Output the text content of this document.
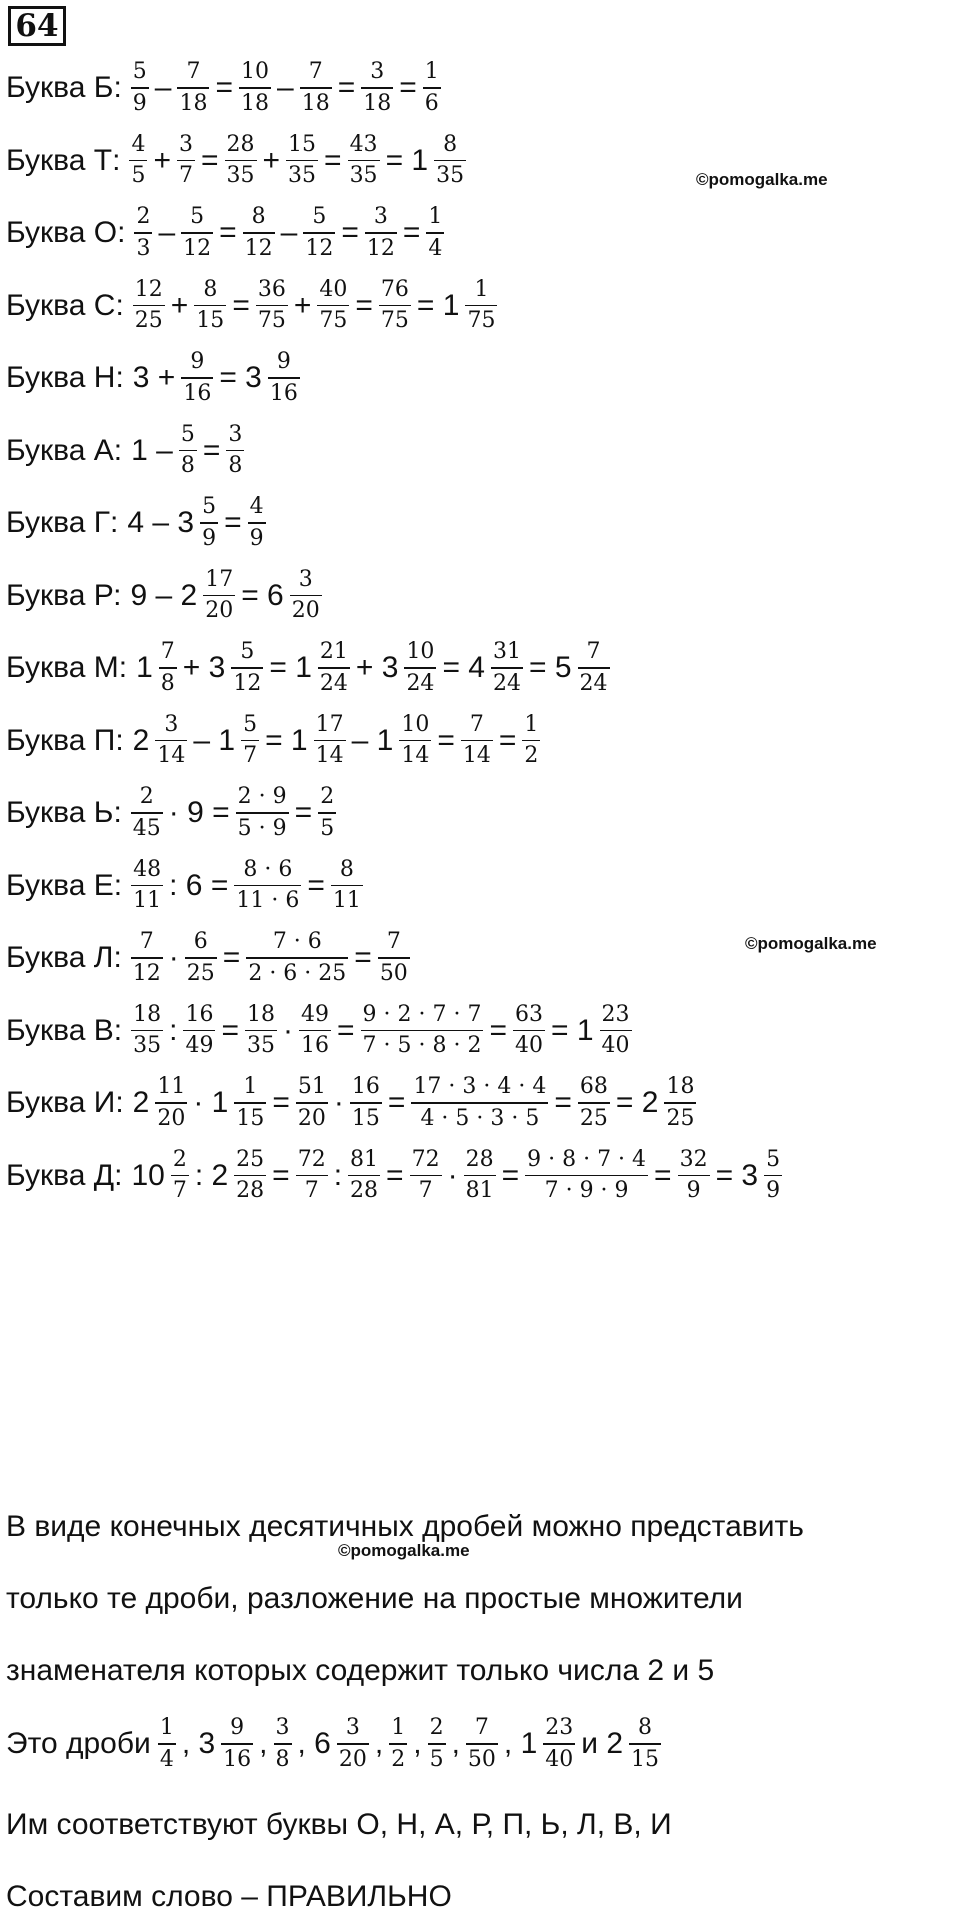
64
Буква Б: $\frac{5}{9} - \frac{7}{18} = \frac{10}{18} - \frac{7}{18} = \frac{3}{18} = \frac{1}{6}$
Буква Т: $\frac{4}{5} + \frac{3}{7} = \frac{28}{35} + \frac{15}{35} = \frac{43}{35} = 1 \frac{8}{35}$
Буква О: $\frac{2}{3} - \frac{5}{12} = \frac{8}{12} - \frac{5}{12} = \frac{3}{12} = \frac{1}{4}$
Буква С: $\frac{12}{25} + \frac{8}{15} = \frac{36}{75} + \frac{40}{75} = \frac{76}{75} = 1 \frac{1}{75}$
Буква Н: $3 + \frac{9}{16} = 3 \frac{9}{16}$
Буква А: $1 - \frac{5}{8} = \frac{3}{8}$
Буква Г: $4 - 3 \frac{5}{9} = \frac{4}{9}$
Буква Р: $9 - 2 \frac{17}{20} = 6 \frac{3}{20}$
Буква М: $1 \frac{7}{8} + 3 \frac{5}{12} = 1 \frac{21}{24} + 3 \frac{10}{24} = 4 \frac{31}{24} = 5 \frac{7}{24}$
Буква П: $2 \frac{3}{14} - 1 \frac{5}{7} = 1 \frac{17}{14} - 1 \frac{10}{14} = \frac{7}{14} = \frac{1}{2}$
Буква Ь: $\frac{2}{45} \cdot 9 = \frac{2 \cdot 9}{5 \cdot 9} = \frac{2}{5}$
Буква Е: $\frac{48}{11}$ : $6 = \frac{8 \cdot 6}{11 \cdot 6} = \frac{8}{11}$
Буква Л: $\frac{7}{12} \cdot \frac{6}{25} = \frac{7 \cdot 6}{2 \cdot 6 \cdot 25} = \frac{7}{50}$
Буква В: $\frac{18}{35}$ : $\frac{16}{49} = \frac{18}{35} \cdot \frac{49}{16} = \frac{9 \cdot 2 \cdot 7 \cdot 7}{7 \cdot 5 \cdot 8 \cdot 2} = \frac{63}{40} = 1 \frac{23}{40}$
Буква И: $2 \frac{11}{20} \cdot 1 \frac{1}{15} = \frac{51}{20} \cdot \frac{16}{15} = \frac{17 \cdot 3 \cdot 4 \cdot 4}{4 \cdot 5 \cdot 3 \cdot 5} = \frac{68}{25} = 2 \frac{18}{25}$
Буква Д: $10 \frac{2}{7}$ : $2 \frac{25}{28} = \frac{72}{7}$ : $\frac{81}{28} = \frac{72}{7} \cdot \frac{28}{81} = \frac{9 \cdot 8 \cdot 7 \cdot 4}{7 \cdot 9 \cdot 9} = \frac{32}{9} = 3 \frac{5}{9}$
©pomogalka.me
©pomogalka.me
©pomogalka.me
В виде конечных десятичных дробей можно представить
только те дроби, разложение на простые множители
знаменателя которых содержит только числа 2 и 5
Это дроби $\frac{1}{4}$ , $3 \frac{9}{16}$ , $\frac{3}{8}$ , $6 \frac{3}{20}$ , $\frac{1}{2}$ , $\frac{2}{5}$ , $\frac{7}{50}$ , $1 \frac{23}{40}$ и $2 \frac{8}{15}$
Им соответствуют буквы О, Н, А, Р, П, Ь, Л, В, И
Составим слово – ПРАВИЛЬНО
